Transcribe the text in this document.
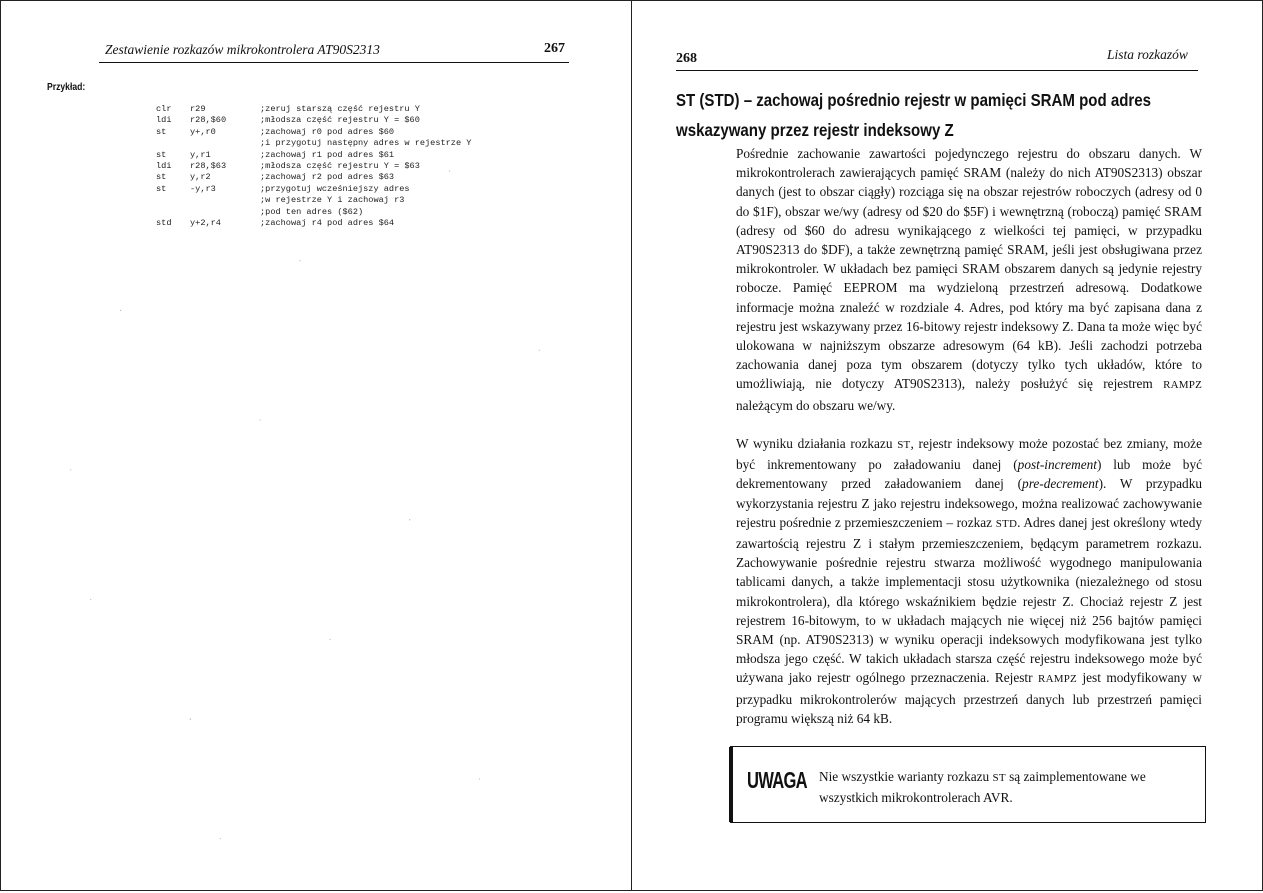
Zestawienie rozkazów mikrokontrolera AT90S2313	267
Przykład:
clr r29	;zeruj starszą część rejestru Y
ldi r28,$60	;młodsza część rejestru Y = $60
st	y+,r0	;zachowaj r0 pod adres $60
;i przygotuj następny adres w rejestrze Y
st	y,r1	;zachowaj r1 pod adres $61
ldi r28,$63	;młodsza część rejestru Y = $63
st	y,r2	;zachowaj r2 pod adres $63
st	-y,r3	;przygotuj wcześniejszy adres
;w rejestrze Y i zachowaj r3
;pod ten adres ($62)
std y+2,r4	;zachowaj r4 pod adres $64
268	Lista rozkazów
ST (STD) – zachowaj pośrednio rejestr w pamięci SRAM pod adres
wskazywany przez rejestr indeksowy Z
Pośrednie zachowanie zawartości pojedynczego rejestru do obszaru danych. W mikrokontrolerach zawierających pamięć SRAM (należy do nich AT90S2313) obszar danych (jest to obszar ciągły) rozciąga się na obszar rejestrów roboczych (adresy od 0 do $1F), obszar we/wy (adresy od $20 do $5F) i wewnętrzną (roboczą) pamięć SRAM (adresy od $60 do adresu wynikającego z wielkości tej pamięci, w przypadku AT90S2313 do $DF), a także zewnętrzną pamięć SRAM, jeśli jest obsługiwana przez mikrokontroler. W układach bez pamięci SRAM obszarem danych są jedynie rejestry robocze. Pamięć EEPROM ma wydzieloną przestrzeń adresową. Dodatkowe informacje można znaleźć w rozdziale 4. Adres, pod który ma być zapisana dana z rejestru jest wskazywany przez 16-bitowy rejestr indeksowy Z. Dana ta może więc być ulokowana w najniższym obszarze adresowym (64 kB). Jeśli zachodzi potrzeba zachowania danej poza tym obszarem (dotyczy tylko tych układów, które to umożliwiają, nie dotyczy AT90S2313), należy posłużyć się rejestrem RAMPZ należącym do obszaru we/wy.
W wyniku działania rozkazu ST, rejestr indeksowy może pozostać bez zmiany, może być inkrementowany po załadowaniu danej (post-increment) lub może być dekrementowany przed załadowaniem danej (pre-decrement). W przypadku wykorzystania rejestru Z jako rejestru indeksowego, można realizować zachowywanie rejestru pośrednie z przemieszczeniem – rozkaz STD. Adres danej jest określony wtedy zawartością rejestru Z i stałym przemieszczeniem, będącym parametrem rozkazu. Zachowywanie pośrednie rejestru stwarza możliwość wygodnego manipulowania tablicami danych, a także implementacji stosu użytkownika (niezależnego od stosu mikrokontrolera), dla którego wskaźnikiem będzie rejestr Z. Chociaż rejestr Z jest rejestrem 16-bitowym, to w układach mających nie więcej niż 256 bajtów pamięci SRAM (np. AT90S2313) w wyniku operacji indeksowych modyfikowana jest tylko młodsza jego część. W takich układach starsza część rejestru indeksowego może być używana jako rejestr ogólnego przeznaczenia. Rejestr RAMPZ jest modyfikowany w przypadku mikrokontrolerów mających przestrzeń danych lub przestrzeń pamięci programu większą niż 64 kB.
UWAGA Nie wszystkie warianty rozkazu ST są zaimplementowane we wszystkich mikrokontrolerach AVR.
